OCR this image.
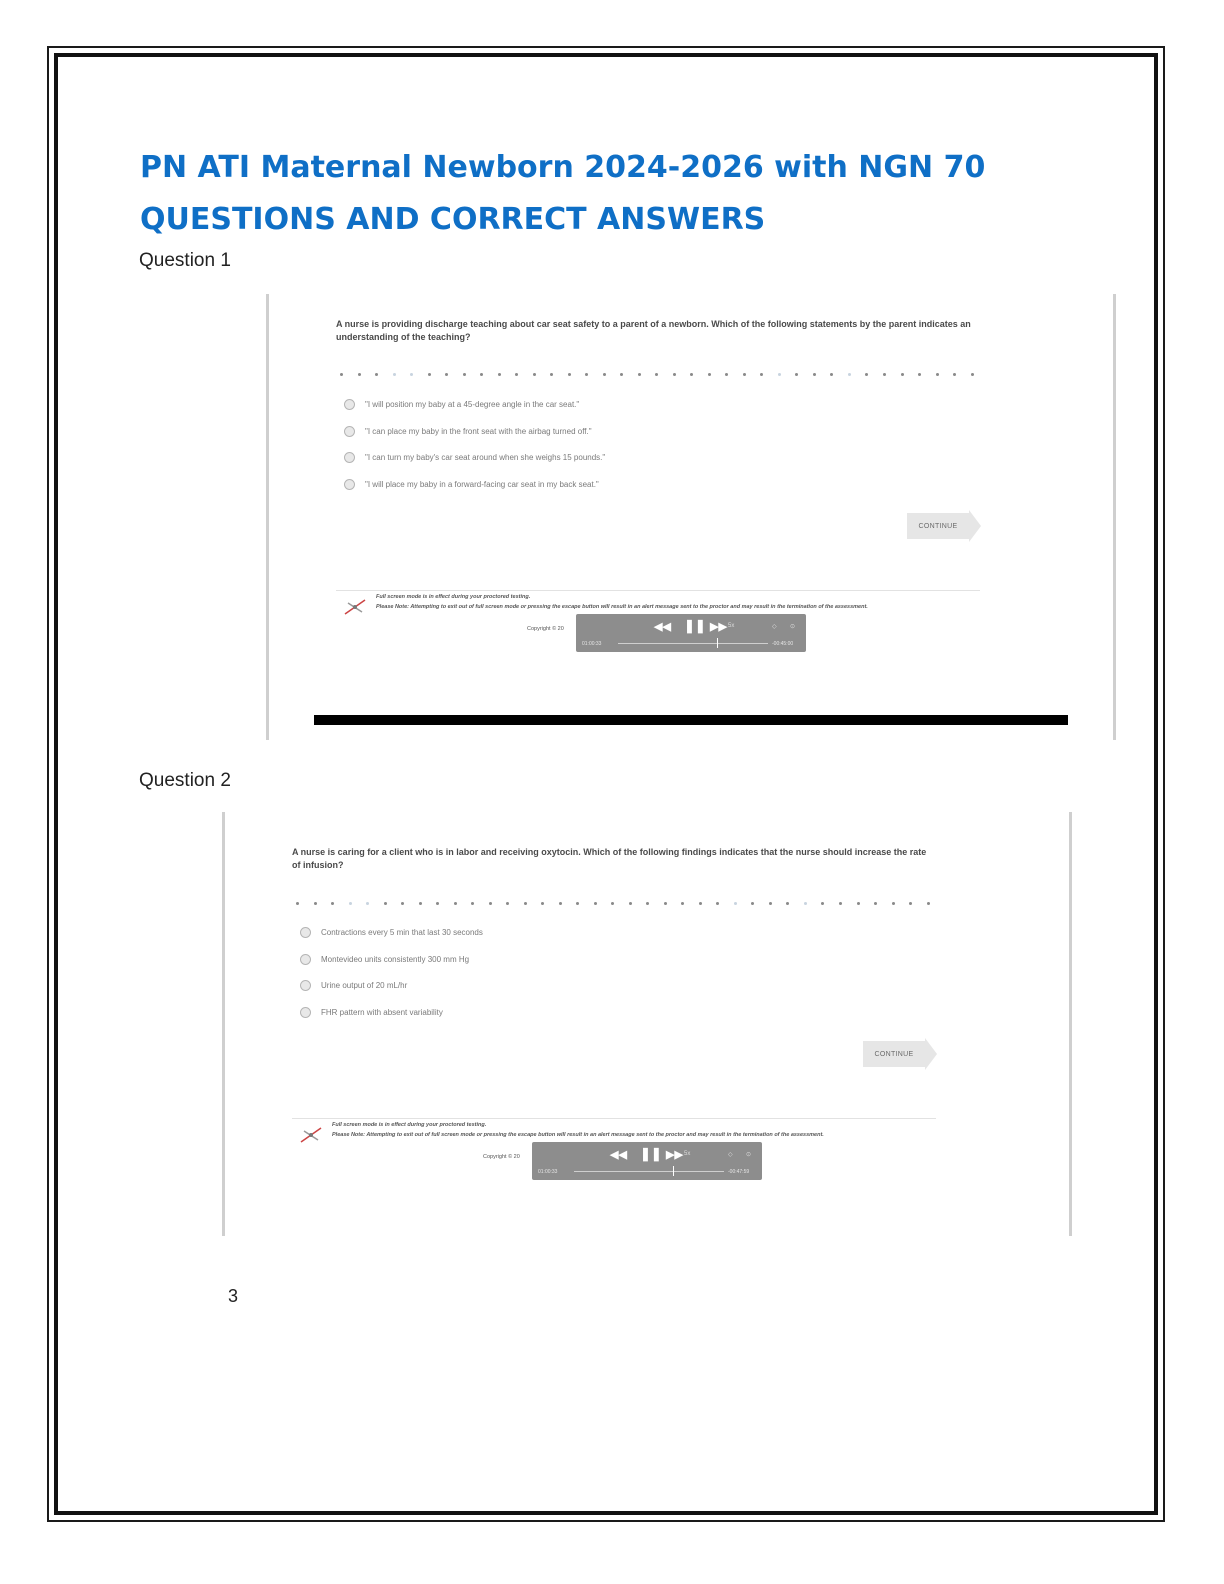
PN ATI Maternal Newborn 2024-2026 with NGN 70 QUESTIONS AND CORRECT ANSWERS
Question 1
A nurse is providing discharge teaching about car seat safety to a parent of a newborn. Which of the following statements by the parent indicates an understanding of the teaching?
"I will position my baby at a 45-degree angle in the car seat."
"I can place my baby in the front seat with the airbag turned off."
"I can turn my baby's car seat around when she weighs 15 pounds."
"I will place my baby in a forward-facing car seat in my back seat."
CONTINUE
Full screen mode is in effect during your proctored testing.
Please Note: Attempting to exit out of full screen mode or pressing the escape button will result in an alert message sent to the proctor and may result in the termination of the assessment.
Copyright © 20	◀◀ ❚❚ ▶▶ 5x	◇ ⊙
01:00:33	-00:45:00
Question 2
A nurse is caring for a client who is in labor and receiving oxytocin. Which of the following findings indicates that the nurse should increase the rate of infusion?
Contractions every 5 min that last 30 seconds
Montevideo units consistently 300 mm Hg
Urine output of 20 mL/hr
FHR pattern with absent variability
CONTINUE
Full screen mode is in effect during your proctored testing.
Please Note: Attempting to exit out of full screen mode or pressing the escape button will result in an alert message sent to the proctor and may result in the termination of the assessment.
Copyright © 20	◀◀ ❚❚ ▶▶ 5x	◇ ⊙
01:00:33	-00:47:59
3
